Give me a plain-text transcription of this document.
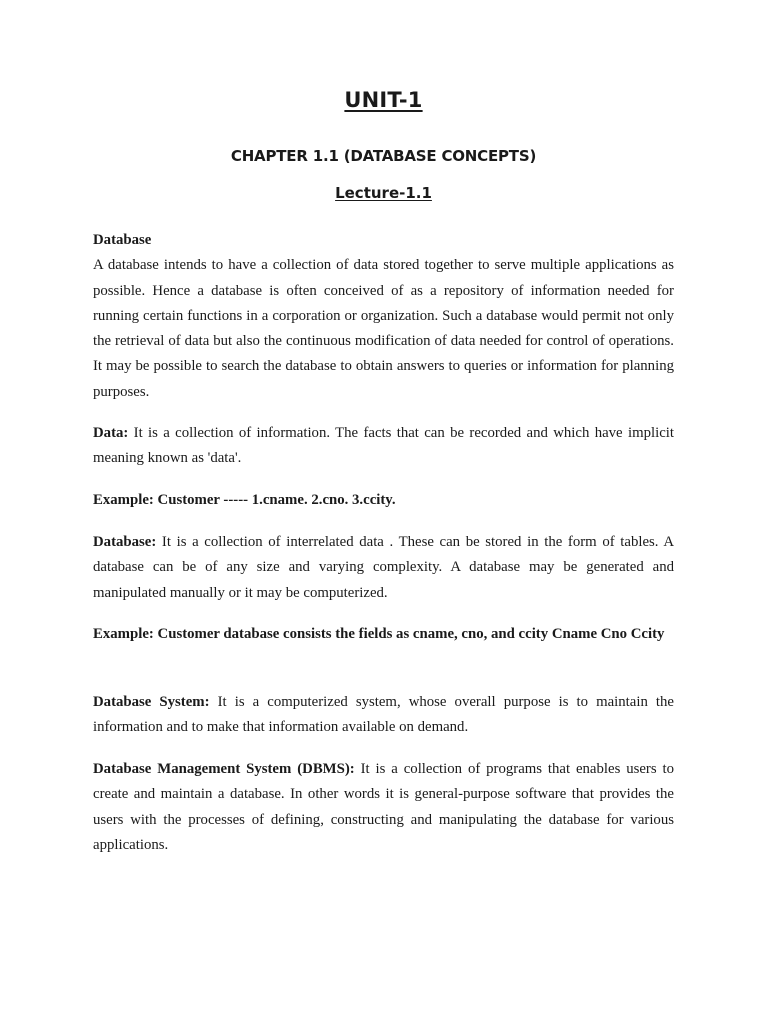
UNIT-1
CHAPTER 1.1 (DATABASE CONCEPTS)
Lecture-1.1
Database
A database intends to have a collection of data stored together to serve multiple applications as possible. Hence a database is often conceived of as a repository of information needed for running certain functions in a corporation or organization. Such a database would permit not only the retrieval of data but also the continuous modification of data needed for control of operations. It may be possible to search the database to obtain answers to queries or information for planning purposes.
Data: It is a collection of information. The facts that can be recorded and which have implicit meaning known as 'data'.
Example: Customer ----- 1.cname. 2.cno. 3.ccity.
Database: It is a collection of interrelated data . These can be stored in the form of tables. A database can be of any size and varying complexity. A database may be generated and manipulated manually or it may be computerized.
Example: Customer database consists the fields as cname, cno, and ccity Cname Cno Ccity
Database System: It is a computerized system, whose overall purpose is to maintain the information and to make that information available on demand.
Database Management System (DBMS): It is a collection of programs that enables users to create and maintain a database. In other words it is general-purpose software that provides the users with the processes of defining, constructing and manipulating the database for various applications.
